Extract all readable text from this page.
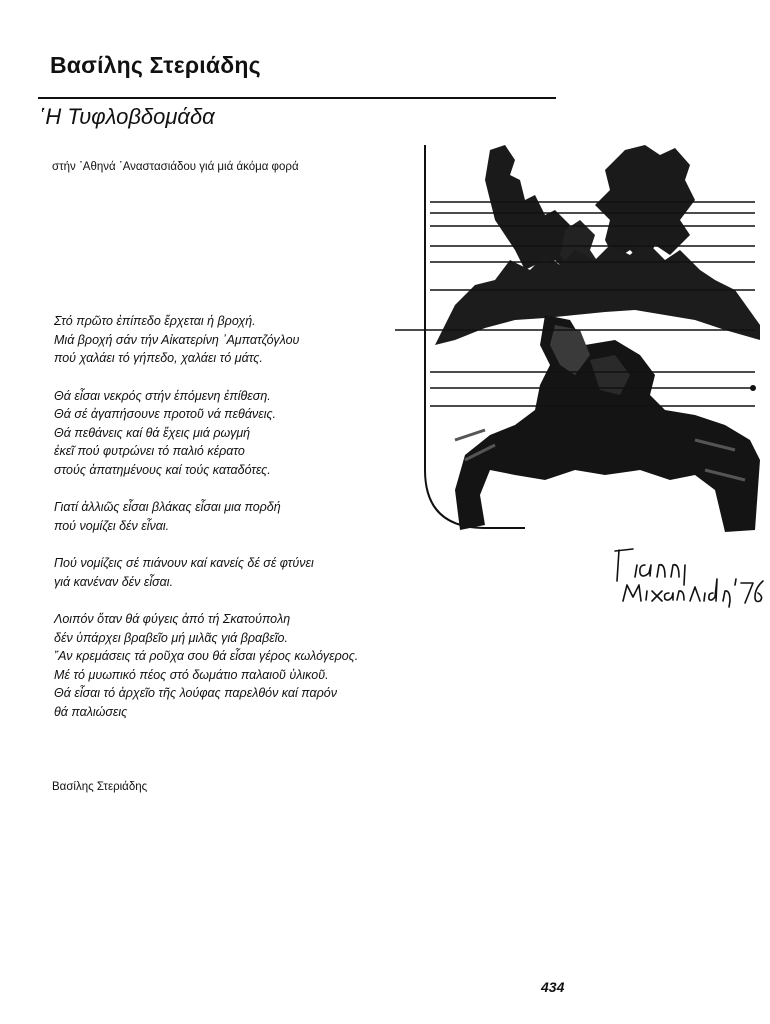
Βασίλης Στεριάδης
῾Η Τυφλοβδομάδα

στήν ᾿Αθηνά ᾿Αναστασιάδου γιά μιά άκόμα φορά

Στό πρῶτο ἐπίπεδο ἔρχεται ἡ βροχή.
Μιά βροχή σάν τήν Αἰκατερίνη ᾿Αμπατζόγλου
πού χαλάει τό γήπεδο, χαλάει τό μάτς.

Θά εἶσαι νεκρός στήν ἑπόμενη ἐπίθεση.
Θά σέ ἀγαπήσουνε προτοῦ νά πεθάνεις.
Θά πεθάνεις καί θά ἔχεις μιά ρωγμή
ἐκεῖ πού φυτρώνει τό παλιό κέρατο
στούς ἀπατημένους καί τούς καταδότες.

Γιατί ἀλλιῶς εἶσαι βλάκας εἶσαι μια πορδή
πού νομίζει δέν εἶναι.

Πού νομίζεις σέ πιάνουν καί κανείς δέ σέ φτύνει
γιά κανέναν δέν εἶσαι.

Λοιπόν ὅταν θά φύγεις ἀπό τή Σκατούπολη
δέν ὑπάρχει βραβεῖο μή μιλᾶς γιά βραβεῖο.
῎Αν κρεμάσεις τά ροῦχα σου θά εἶσαι γέρος κωλόγερος.
Μέ τό μυωπικό πέος στό δωμάτιο παλαιοῦ ὑλικοῦ.
Θά εἶσαι τό ἀρχεῖο τῆς λούφας παρελθόν καί παρόν
θά παλιώσεις

Βασίλης Στεριάδης

434
